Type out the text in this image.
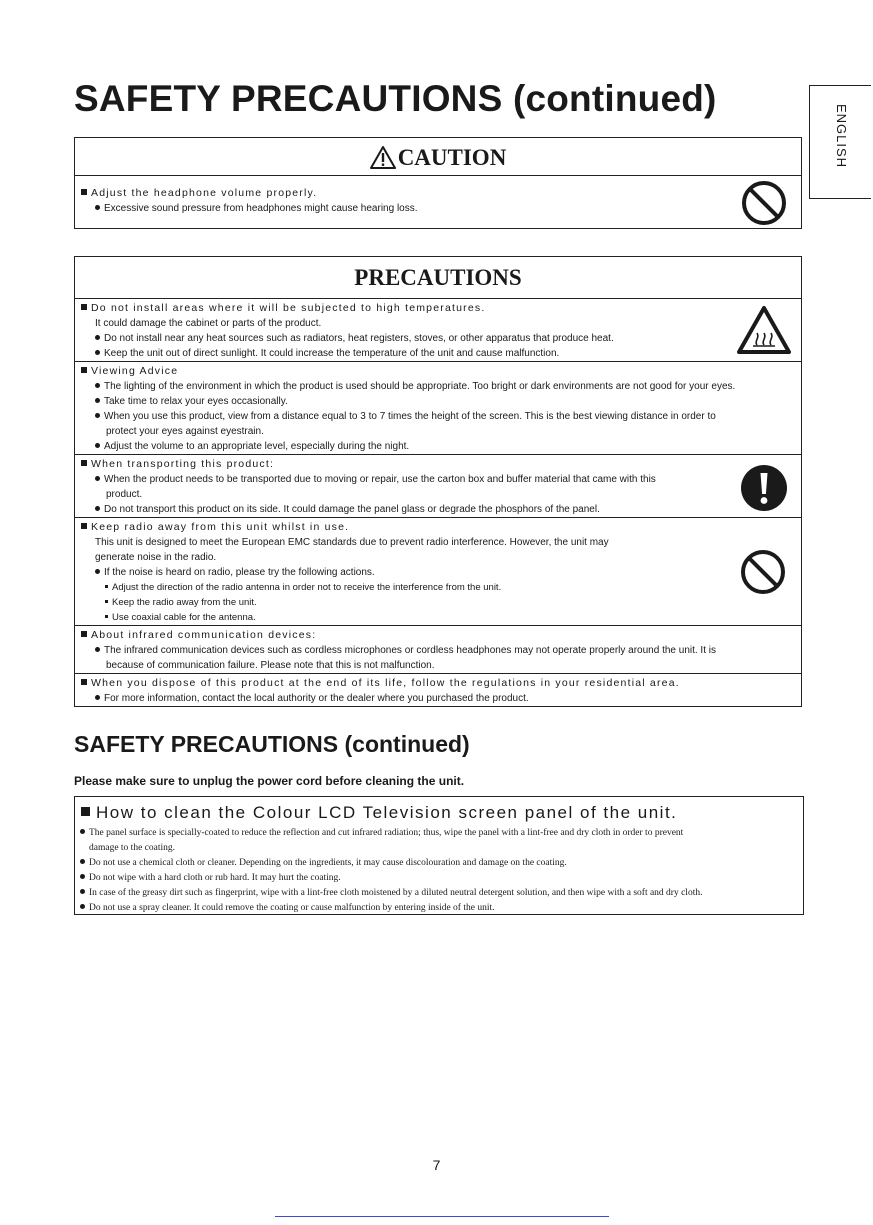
SAFETY PRECAUTIONS (continued)
ENGLISH
CAUTION
Adjust the headphone volume properly.
Excessive sound pressure from headphones might cause hearing loss.
PRECAUTIONS
Do not install areas where it will be subjected to high temperatures.
It could damage the cabinet or parts of the product.
Do not install near any heat sources such as radiators, heat registers, stoves, or other apparatus that produce heat.
Keep the unit out of direct sunlight. It could increase the temperature of the unit and cause malfunction.
Viewing Advice
The lighting of the environment in which the product is used should be appropriate. Too bright or dark environments are not good for your eyes.
Take time to relax your eyes occasionally.
When you use this product, view from a distance equal to 3 to 7 times the height of the screen. This is the best viewing distance in order to
protect your eyes against eyestrain.
Adjust the volume to an appropriate level, especially during the night.
When transporting this product:
When the product needs to be transported due to moving or repair, use the carton box and buffer material that came with this
product.
Do not transport this product on its side. It could damage the panel glass or degrade the phosphors of the panel.
Keep radio away from this unit whilst in use.
This unit is designed to meet the European EMC standards due to prevent radio interference. However, the unit may
generate noise in the radio.
If the noise is heard on radio, please try the following actions.
Adjust the direction of the radio antenna in order not to receive the interference from the unit.
Keep the radio away from the unit.
Use coaxial cable for the antenna.
About infrared communication devices:
The infrared communication devices such as cordless microphones or cordless headphones may not operate properly around the unit. It is
because of communication failure. Please note that this is not malfunction.
When you dispose of this product at the end of its life, follow the regulations in your residential area.
For more information, contact the local authority or the dealer where you purchased the product.
SAFETY PRECAUTIONS (continued)
Please make sure to unplug the power cord before cleaning the unit.
How to clean the Colour LCD Television screen panel of the unit.
The panel surface is specially-coated to reduce the reflection and cut infrared radiation; thus, wipe the panel with a lint-free and dry cloth in order to prevent
damage to the coating.
Do not use a chemical cloth or cleaner. Depending on the ingredients, it may cause discolouration and damage on the coating.
Do not wipe with a hard cloth or rub hard. It may hurt the coating.
In case of the greasy dirt such as fingerprint, wipe with a lint-free cloth moistened by a diluted neutral detergent solution, and then wipe with a soft and dry cloth.
Do not use a spray cleaner. It could remove the coating or cause malfunction by entering inside of the unit.
7
